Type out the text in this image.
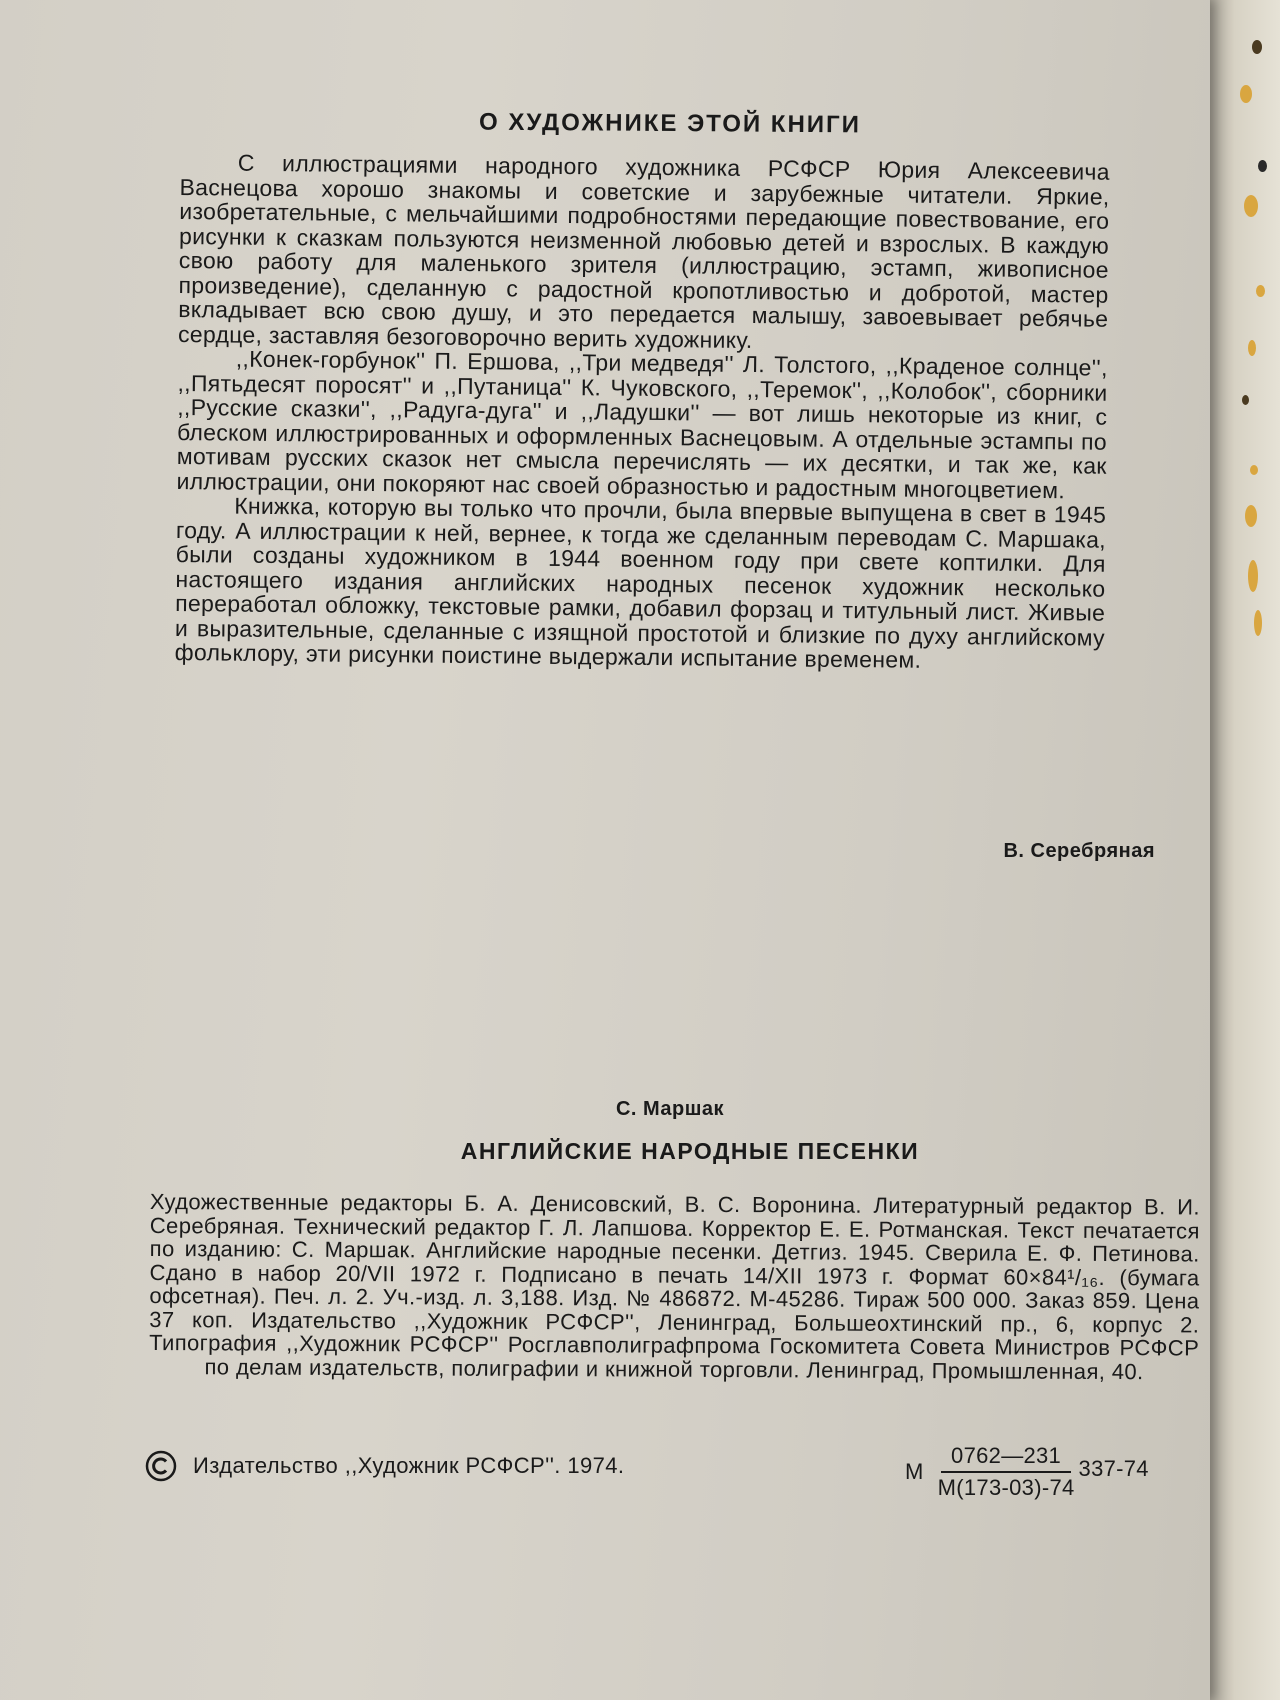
О ХУДОЖНИКЕ ЭТОЙ КНИГИ

С иллюстрациями народного художника РСФСР Юрия Алексеевича Васнецова хорошо знакомы и советские и зарубежные читатели. Яркие, изобретательные, с мельчайшими подробностями передающие повествование, его рисунки к сказкам пользуются неизменной любовью детей и взрослых. В каждую свою работу для маленького зрителя (иллюстрацию, эстамп, живописное произведение), сделанную с радостной кропотливостью и добротой, мастер вкладывает всю свою душу, и это передается малышу, завоевывает ребячье сердце, заставляя безоговорочно верить художнику.

,,Конек-горбунок'' П. Ершова, ,,Три медведя'' Л. Толстого, ,,Краденое солнце'', ,,Пятьдесят поросят'' и ,,Путаница'' К. Чуковского, ,,Теремок'', ,,Колобок'', сборники ,,Русские сказки'', ,,Радуга-дуга'' и ,,Ладушки'' — вот лишь некоторые из книг, с блеском иллюстрированных и оформленных Васнецовым. А отдельные эстампы по мотивам русских сказок нет смысла перечислять — их десятки, и так же, как иллюстрации, они покоряют нас своей образностью и радостным многоцветием.

Книжка, которую вы только что прочли, была впервые выпущена в свет в 1945 году. А иллюстрации к ней, вернее, к тогда же сделанным переводам С. Маршака, были созданы художником в 1944 военном году при свете коптилки. Для настоящего издания английских народных песенок художник несколько переработал обложку, текстовые рамки, добавил форзац и титульный лист. Живые и выразительные, сделанные с изящной простотой и близкие по духу английскому фольклору, эти рисунки поистине выдержали испытание временем.

В. Серебряная
С. Маршак
АНГЛИЙСКИЕ НАРОДНЫЕ ПЕСЕНКИ
Художественные редакторы Б. А. Денисовский, В. С. Воронина. Литературный редактор В. И. Серебряная. Технический редактор Г. Л. Лапшова. Корректор Е. Е. Ротманская. Текст печатается по изданию: С. Маршак. Английские народные песенки. Детгиз. 1945. Сверила Е. Ф. Петинова. Сдано в набор 20/VII 1972 г. Подписано в печать 14/XII 1973 г. Формат 60×84¹/₁₆. (бумага офсетная). Печ. л. 2. Уч.-изд. л. 3,188. Изд. № 486872. М-45286. Тираж 500 000. Заказ 859. Цена 37 коп. Издательство ,,Художник РСФСР'', Ленинград, Большеохтинский пр., 6, корпус 2. Типография ,,Художник РСФСР'' Росглавполиграфпрома Госкомитета Совета Министров РСФСР по делам издательств, полиграфии и книжной торговли. Ленинград, Промышленная, 40.
Издательство ,,Художник РСФСР''. 1974.	М $\frac{0762—231}{М(173-03)-74} 337-74$
